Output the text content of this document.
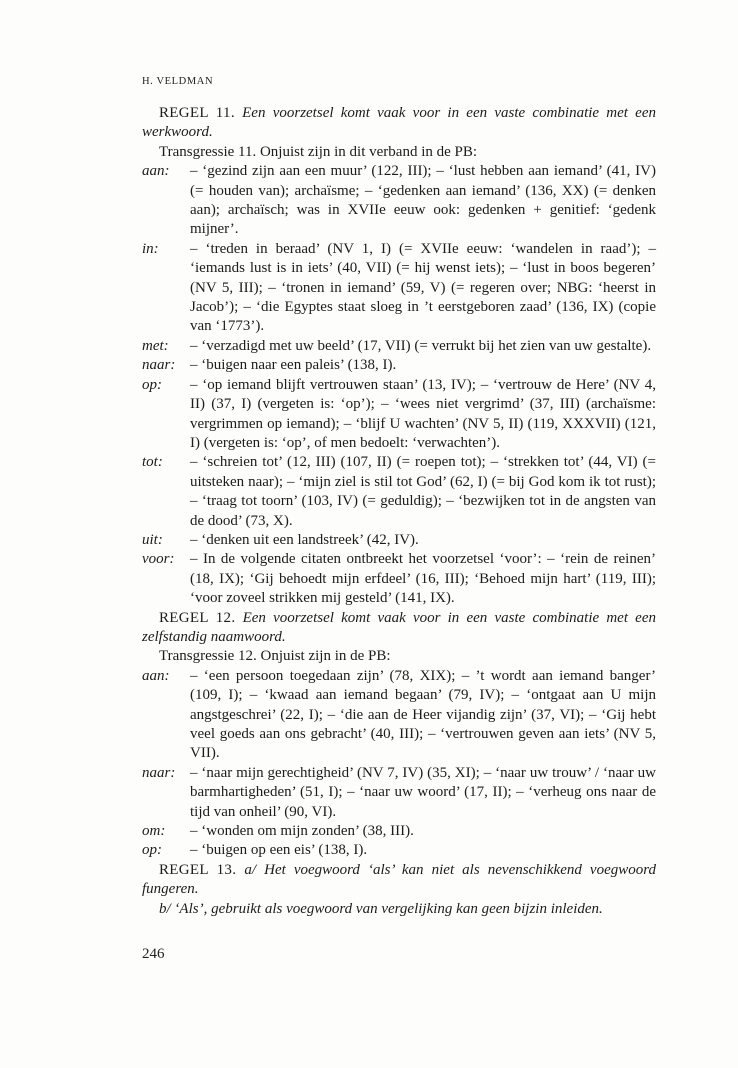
H. VELDMAN

REGEL 11. Een voorzetsel komt vaak voor in een vaste combinatie met een werkwoord.

Transgressie 11. Onjuist zijn in dit verband in de PB:

aan:	– ‘gezind zijn aan een muur’ (122, III); – ‘lust hebben aan iemand’ (41, IV) (= houden van); archaïsme; – ‘gedenken aan iemand’ (136, XX) (= denken aan); archaïsch; was in XVIIe eeuw ook: gedenken + genitief: ‘gedenk mijner’.
in:	– ‘treden in beraad’ (NV 1, I) (= XVIIe eeuw: ‘wandelen in raad’); – ‘iemands lust is in iets’ (40, VII) (= hij wenst iets); – ‘lust in boos begeren’ (NV 5, III); – ‘tronen in iemand’ (59, V) (= regeren over; NBG: ‘heerst in Jacob’); – ‘die Egyptes staat sloeg in ’t eerstgeboren zaad’ (136, IX) (copie van ‘1773’).
met:	– ‘verzadigd met uw beeld’ (17, VII) (= verrukt bij het zien van uw gestalte).
naar: – ‘buigen naar een paleis’ (138, I).
op:	– ‘op iemand blijft vertrouwen staan’ (13, IV); – ‘vertrouw de Here’ (NV 4, II) (37, I) (vergeten is: ‘op’); – ‘wees niet vergrimd’ (37, III) (archaïsme: vergrimmen op iemand); – ‘blijf U wachten’ (NV 5, II) (119, XXXVII) (121, I) (vergeten is: ‘op’, of men bedoelt: ‘verwachten’).
tot:	– ‘schreien tot’ (12, III) (107, II) (= roepen tot); – ‘strekken tot’ (44, VI) (= uitsteken naar); – ‘mijn ziel is stil tot God’ (62, I) (= bij God kom ik tot rust); – ‘traag tot toorn’ (103, IV) (= geduldig); – ‘bezwijken tot in de angsten van de dood’ (73, X).
uit:	– ‘denken uit een landstreek’ (42, IV).
voor:	– In de volgende citaten ontbreekt het voorzetsel ‘voor’: – ‘rein de reinen’ (18, IX); ‘Gij behoedt mijn erfdeel’ (16, III); ‘Behoed mijn hart’ (119, III); ‘voor zoveel strikken mij gesteld’ (141, IX).

REGEL 12. Een voorzetsel komt vaak voor in een vaste combinatie met een zelfstandig naamwoord.

Transgressie 12. Onjuist zijn in de PB:

aan:	– ‘een persoon toegedaan zijn’ (78, XIX); – ’t wordt aan iemand banger’ (109, I); – ‘kwaad aan iemand begaan’ (79, IV); – ‘ontgaat aan U mijn angstgeschrei’ (22, I); – ‘die aan de Heer vijandig zijn’ (37, VI); – ‘Gij hebt veel goeds aan ons gebracht’ (40, III); – ‘vertrouwen geven aan iets’ (NV 5, VII).
naar: – ‘naar mijn gerechtigheid’ (NV 7, IV) (35, XI); – ‘naar uw trouw’ / ‘naar uw barmhartigheden’ (51, I); – ‘naar uw woord’ (17, II); – ‘verheug ons naar de tijd van onheil’ (90, VI).
om:	– ‘wonden om mijn zonden’ (38, III).
op:	– ‘buigen op een eis’ (138, I).

REGEL 13. a/ Het voegwoord ‘als’ kan niet als nevenschikkend voegwoord fungeren.

b/ ‘Als’, gebruikt als voegwoord van vergelijking kan geen bijzin inleiden.

246
